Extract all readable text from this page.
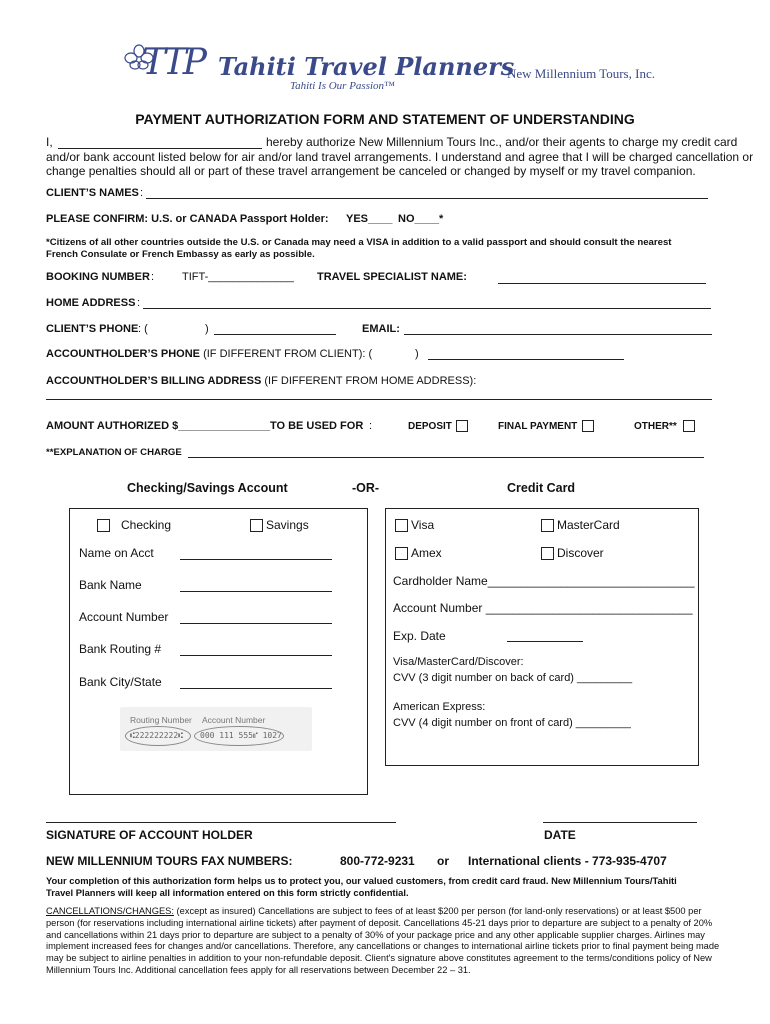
TTP Tahiti Travel Planners
Tahiti Is Our Passion™
New Millennium Tours, Inc.
PAYMENT AUTHORIZATION FORM AND STATEMENT OF UNDERSTANDING
I,	hereby authorize New Millennium Tours Inc., and/or their agents to charge my credit card
and/or bank account listed below for air and/or land travel arrangements. I understand and agree that I will be charged cancellation or
change penalties should all or part of these travel arrangement be canceled or changed by myself or my travel companion.
CLIENT’S NAMES :
PLEASE CONFIRM: U.S. or CANADA Passport Holder: YES____ NO____*
*Citizens of all other countries outside the U.S. or Canada may need a VISA in addition to a valid passport and should consult the nearest
French Consulate or French Embassy as early as possible.
BOOKING NUMBER :	TIFT-______________ TRAVEL SPECIALIST NAME:
HOME ADDRESS :
CLIENT’S PHONE : (	)	EMAIL:
ACCOUNTHOLDER’S PHONE (IF DIFFERENT FROM CLIENT): (	)
ACCOUNTHOLDER’S BILLING ADDRESS (IF DIFFERENT FROM HOME ADDRESS):
AMOUNT AUTHORIZED $_______________TO BE USED FOR :	DEPOSIT	FINAL PAYMENT	OTHER**
**EXPLANATION OF CHARGE
Checking/Savings Account	-OR-	Credit Card
Checking	Savings
Name on Acct
Bank Name
Account Number
Bank Routing #
Bank City/State
Routing Number Account Number
⑆222222222⑆ 000 111 555⑈ 1027
Visa	MasterCard
Amex	Discover
Cardholder Name_______________________________
Account Number _______________________________
Exp. Date
Visa/MasterCard/Discover:
CVV (3 digit number on back of card) _________
American Express:
CVV (4 digit number on front of card) _________
SIGNATURE OF ACCOUNT HOLDER	DATE
NEW MILLENNIUM TOURS FAX NUMBERS:	800-772-9231 or International clients - 773-935-4707
Your completion of this authorization form helps us to protect you, our valued customers, from credit card fraud. New Millennium Tours/Tahiti
Travel Planners will keep all information entered on this form strictly confidential.
CANCELLATIONS/CHANGES: (except as insured) Cancellations are subject to fees of at least $200 per person (for land-only reservations) or at least $500 per
person (for reservations including international airline tickets) after payment of deposit. Cancellations 45-21 days prior to departure are subject to a penalty of 20%
and cancellations within 21 days prior to departure are subject to a penalty of 30% of your package price and any other applicable supplier charges. Airlines may
implement increased fees for changes and/or cancellations. Therefore, any cancellations or changes to international airline tickets prior to final payment being made
may be subject to airline penalties in addition to your non-refundable deposit. Client's signature above constitutes agreement to the terms/conditions policy of New
Millennium Tours Inc. Additional cancellation fees apply for all reservations between December 22 – 31.
